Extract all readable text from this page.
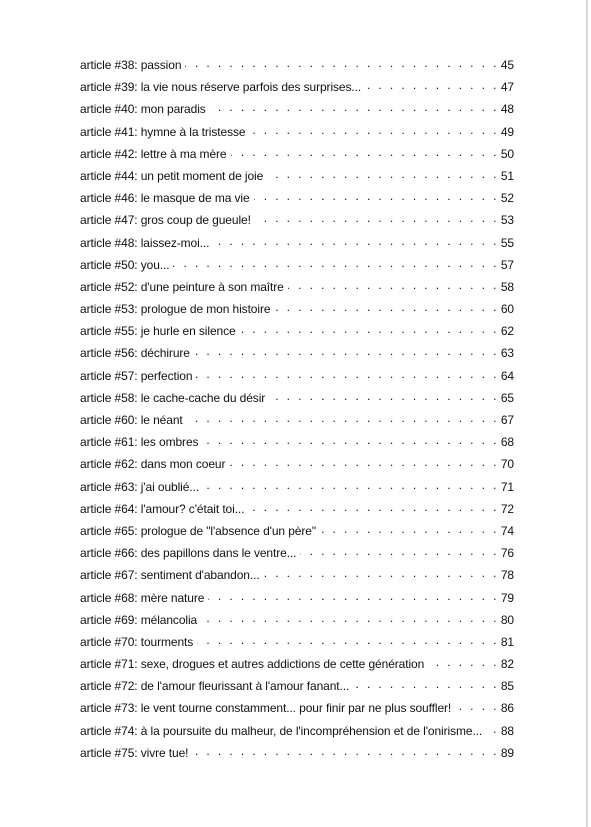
article #38: passion . . .	45
article #39: la vie nous réserve parfois des surprises... . . .	47
article #40: mon paradis . . .	48
article #41: hymne à la tristesse . . .	49
article #42: lettre à ma mère . . .	50
article #44: un petit moment de joie . . .	51
article #46: le masque de ma vie . . .	52
article #47: gros coup de gueule! . . .	53
article #48: laissez-moi... . . .	55
article #50: you... . . .	57
article #52: d'une peinture à son maître . . .	58
article #53: prologue de mon histoire . . .	60
article #55: je hurle en silence . . .	62
article #56: déchirure . . .	63
article #57: perfection . . .	64
article #58: le cache-cache du désir . . .	65
article #60: le néant . . .	67
article #61: les ombres . . .	68
article #62: dans mon coeur . . .	70
article #63: j'ai oublié... . . .	71
article #64: l'amour? c'était toi... . . .	72
article #65: prologue de "l'absence d'un père" . . .	74
article #66: des papillons dans le ventre... . . .	76
article #67: sentiment d'abandon... . . .	78
article #68: mère nature . . .	79
article #69: mélancolia . . .	80
article #70: tourments . . .	81
article #71: sexe, drogues et autres addictions de cette génération . . .	82
article #72: de l'amour fleurissant à l'amour fanant... . . .	85
article #73: le vent tourne constamment... pour finir par ne plus souffler! . . .	86
article #74: à la poursuite du malheur, de l'incompréhension et de l'onirisme... . . .	88
article #75: vivre tue! . . .	89
